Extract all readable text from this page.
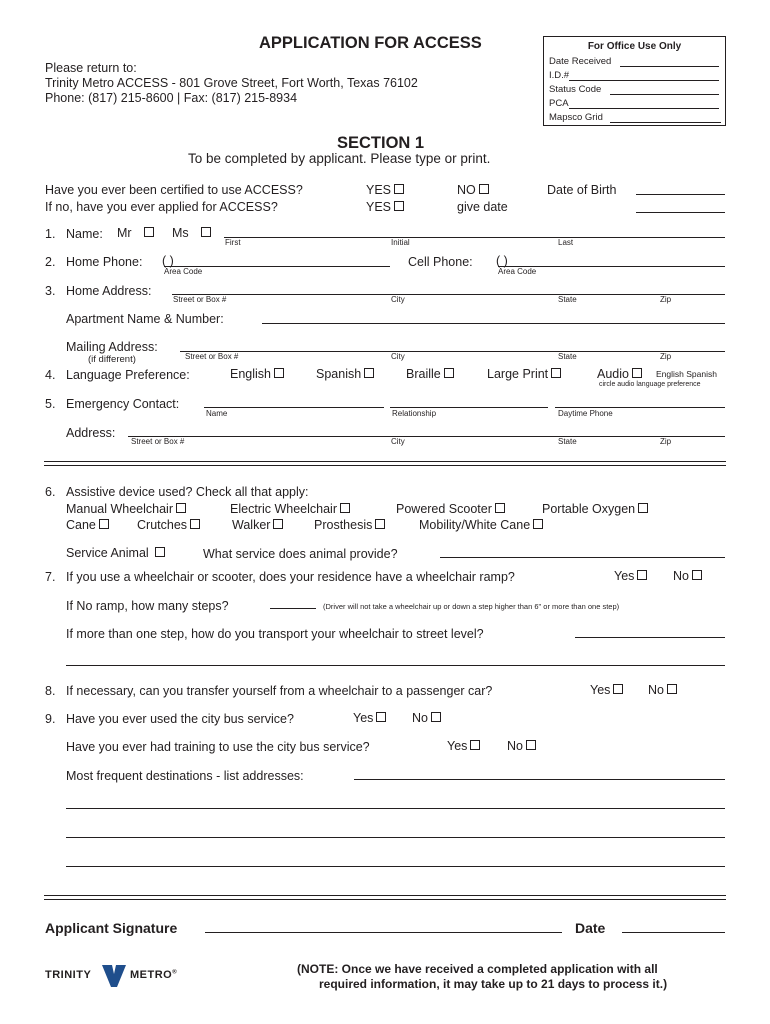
APPLICATION FOR ACCESS
Please return to:
Trinity Metro ACCESS - 801 Grove Street, Fort Worth, Texas 76102
Phone: (817) 215-8600 | Fax: (817) 215-8934
For Office Use Only
Date Received
I.D.#
Status Code
PCA
Mapsco Grid
SECTION 1
To be completed by applicant. Please type or print.
Have you ever been certified to use ACCESS?	YES	NO	Date of Birth
If no, have you ever applied for ACCESS?	YES	give date
1. Name: Mr	Ms
First	Initial	Last
2. Home Phone: ( )
Area Code
Cell Phone: ( )
Area Code
3. Home Address:
Street or Box #	City	State	Zip
Apartment Name & Number:
Mailing Address:
(if different)	Street or Box #	City	State	Zip
4. Language Preference:	English	Spanish	Braille	Large Print	Audio	English Spanish
circle audio language preference
5. Emergency Contact:
Name	Relationship	Daytime Phone
Address:
Street or Box #	City	State	Zip
6. Assistive device used? Check all that apply:
Manual Wheelchair	Electric Wheelchair	Powered Scooter	Portable Oxygen
Cane	Crutches	Walker	Prosthesis	Mobility/White Cane
Service Animal	What service does animal provide?
7. If you use a wheelchair or scooter, does your residence have a wheelchair ramp?	Yes	No
If No ramp, how many steps?	(Driver will not take a wheelchair up or down a step higher than 6" or more than one step)
If more than one step, how do you transport your wheelchair to street level?
8. If necessary, can you transfer yourself from a wheelchair to a passenger car?	Yes	No
9. Have you ever used the city bus service?	Yes	No
Have you ever had training to use the city bus service?	Yes	No
Most frequent destinations - list addresses:
Applicant Signature	Date
TRINITY	METRO®	(NOTE: Once we have received a completed application with all
required information, it may take up to 21 days to process it.)
